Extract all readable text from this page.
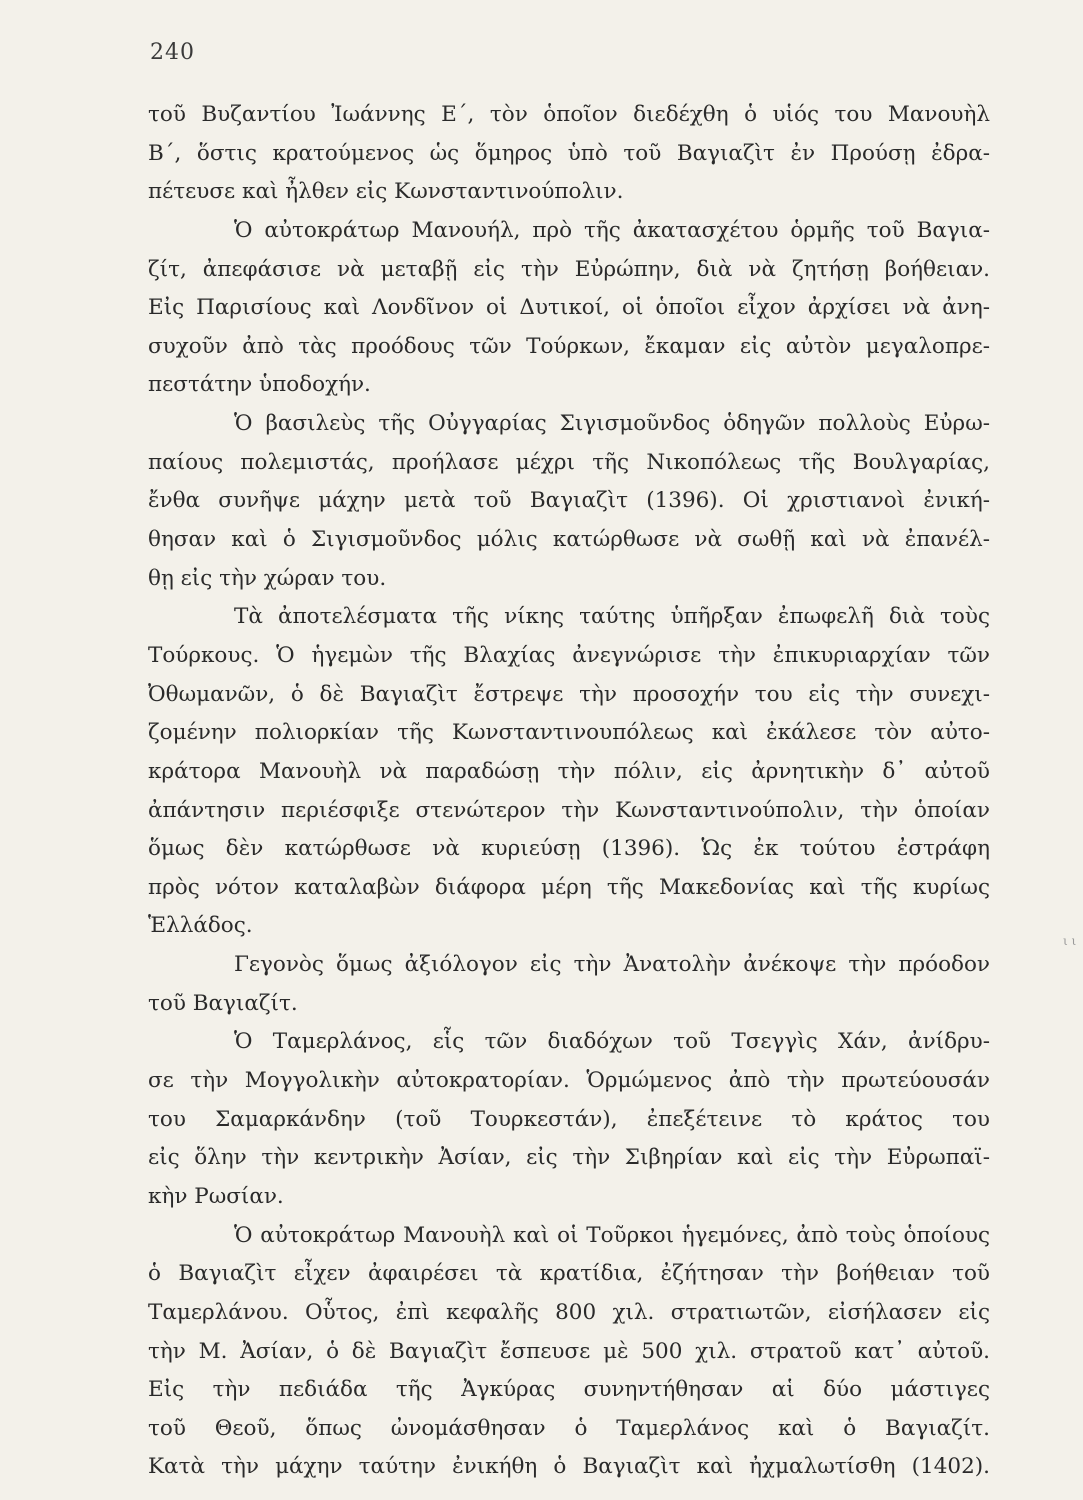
240
τοῦ Βυζαντίου Ἰωάννης Ε΄, τὸν ὁποῖον διεδέχθη ὁ υἱός του Μανουὴλ
Β΄, ὅστις κρατούμενος ὡς ὅμηρος ὑπὸ τοῦ Βαγιαζὶτ ἐν Προύσῃ ἐδρα-
πέτευσε καὶ ἦλθεν εἰς Κωνσταντινούπολιν.
Ὁ αὐτοκράτωρ Μανουήλ, πρὸ τῆς ἀκατασχέτου ὁρμῆς τοῦ Βαγια-
ζίτ, ἀπεφάσισε νὰ μεταβῇ εἰς τὴν Εὐρώπην, διὰ νὰ ζητήσῃ βοήθειαν.
Εἰς Παρισίους καὶ Λονδῖνον οἱ Δυτικοί, οἱ ὁποῖοι εἶχον ἀρχίσει νὰ ἀνη-
συχοῦν ἀπὸ τὰς προόδους τῶν Τούρκων, ἔκαμαν εἰς αὐτὸν μεγαλοπρε-
πεστάτην ὑποδοχήν.
Ὁ βασιλεὺς τῆς Οὐγγαρίας Σιγισμοῦνδος ὁδηγῶν πολλοὺς Εὐρω-
παίους πολεμιστάς, προήλασε μέχρι τῆς Νικοπόλεως τῆς Βουλγαρίας,
ἔνθα συνῆψε μάχην μετὰ τοῦ Βαγιαζὶτ (1396). Οἱ χριστιανοὶ ἐνική-
θησαν καὶ ὁ Σιγισμοῦνδος μόλις κατώρθωσε νὰ σωθῇ καὶ νὰ ἐπανέλ-
θῃ εἰς τὴν χώραν του.
Τὰ ἀποτελέσματα τῆς νίκης ταύτης ὑπῆρξαν ἐπωφελῆ διὰ τοὺς
Τούρκους. Ὁ ἡγεμὼν τῆς Βλαχίας ἀνεγνώρισε τὴν ἐπικυριαρχίαν τῶν
Ὀθωμανῶν, ὁ δὲ Βαγιαζὶτ ἔστρεψε τὴν προσοχήν του εἰς τὴν συνεχι-
ζομένην πολιορκίαν τῆς Κωνσταντινουπόλεως καὶ ἐκάλεσε τὸν αὐτο-
κράτορα Μανουὴλ νὰ παραδώσῃ τὴν πόλιν, εἰς ἀρνητικὴν δ᾽ αὐτοῦ
ἀπάντησιν περιέσφιξε στενώτερον τὴν Κωνσταντινούπολιν, τὴν ὁποίαν
ὅμως δὲν κατώρθωσε νὰ κυριεύσῃ (1396). Ὡς ἐκ τούτου ἐστράφη
πρὸς νότον καταλαβὼν διάφορα μέρη τῆς Μακεδονίας καὶ τῆς κυρίως
Ἑλλάδος.
Γεγονὸς ὅμως ἀξιόλογον εἰς τὴν Ἀνατολὴν ἀνέκοψε τὴν πρόοδον
τοῦ Βαγιαζίτ.
Ὁ Ταμερλάνος, εἷς τῶν διαδόχων τοῦ Τσεγγὶς Χάν, ἀνίδρυ-
σε τὴν Μογγολικὴν αὐτοκρατορίαν. Ὁρμώμενος ἀπὸ τὴν πρωτεύουσάν
του Σαμαρκάνδην (τοῦ Τουρκεστάν), ἐπεξέτεινε τὸ κράτος του
εἰς ὅλην τὴν κεντρικὴν Ἀσίαν, εἰς τὴν Σιβηρίαν καὶ εἰς τὴν Εὐρωπαϊ-
κὴν Ρωσίαν.
Ὁ αὐτοκράτωρ Μανουὴλ καὶ οἱ Τοῦρκοι ἡγεμόνες, ἀπὸ τοὺς ὁποίους
ὁ Βαγιαζὶτ εἶχεν ἀφαιρέσει τὰ κρατίδια, ἐζήτησαν τὴν βοήθειαν τοῦ
Ταμερλάνου. Οὗτος, ἐπὶ κεφαλῆς 800 χιλ. στρατιωτῶν, εἰσήλασεν εἰς
τὴν Μ. Ἀσίαν, ὁ δὲ Βαγιαζὶτ ἔσπευσε μὲ 500 χιλ. στρατοῦ κατ᾽ αὐτοῦ.
Εἰς τὴν πεδιάδα τῆς Ἀγκύρας συνηντήθησαν αἱ δύο μάστιγες
τοῦ Θεοῦ, ὅπως ὠνομάσθησαν ὁ Ταμερλάνος καὶ ὁ Βαγιαζίτ.
Κατὰ τὴν μάχην ταύτην ἐνικήθη ὁ Βαγιαζὶτ καὶ ἠχμαλωτίσθη (1402).
ι ι
